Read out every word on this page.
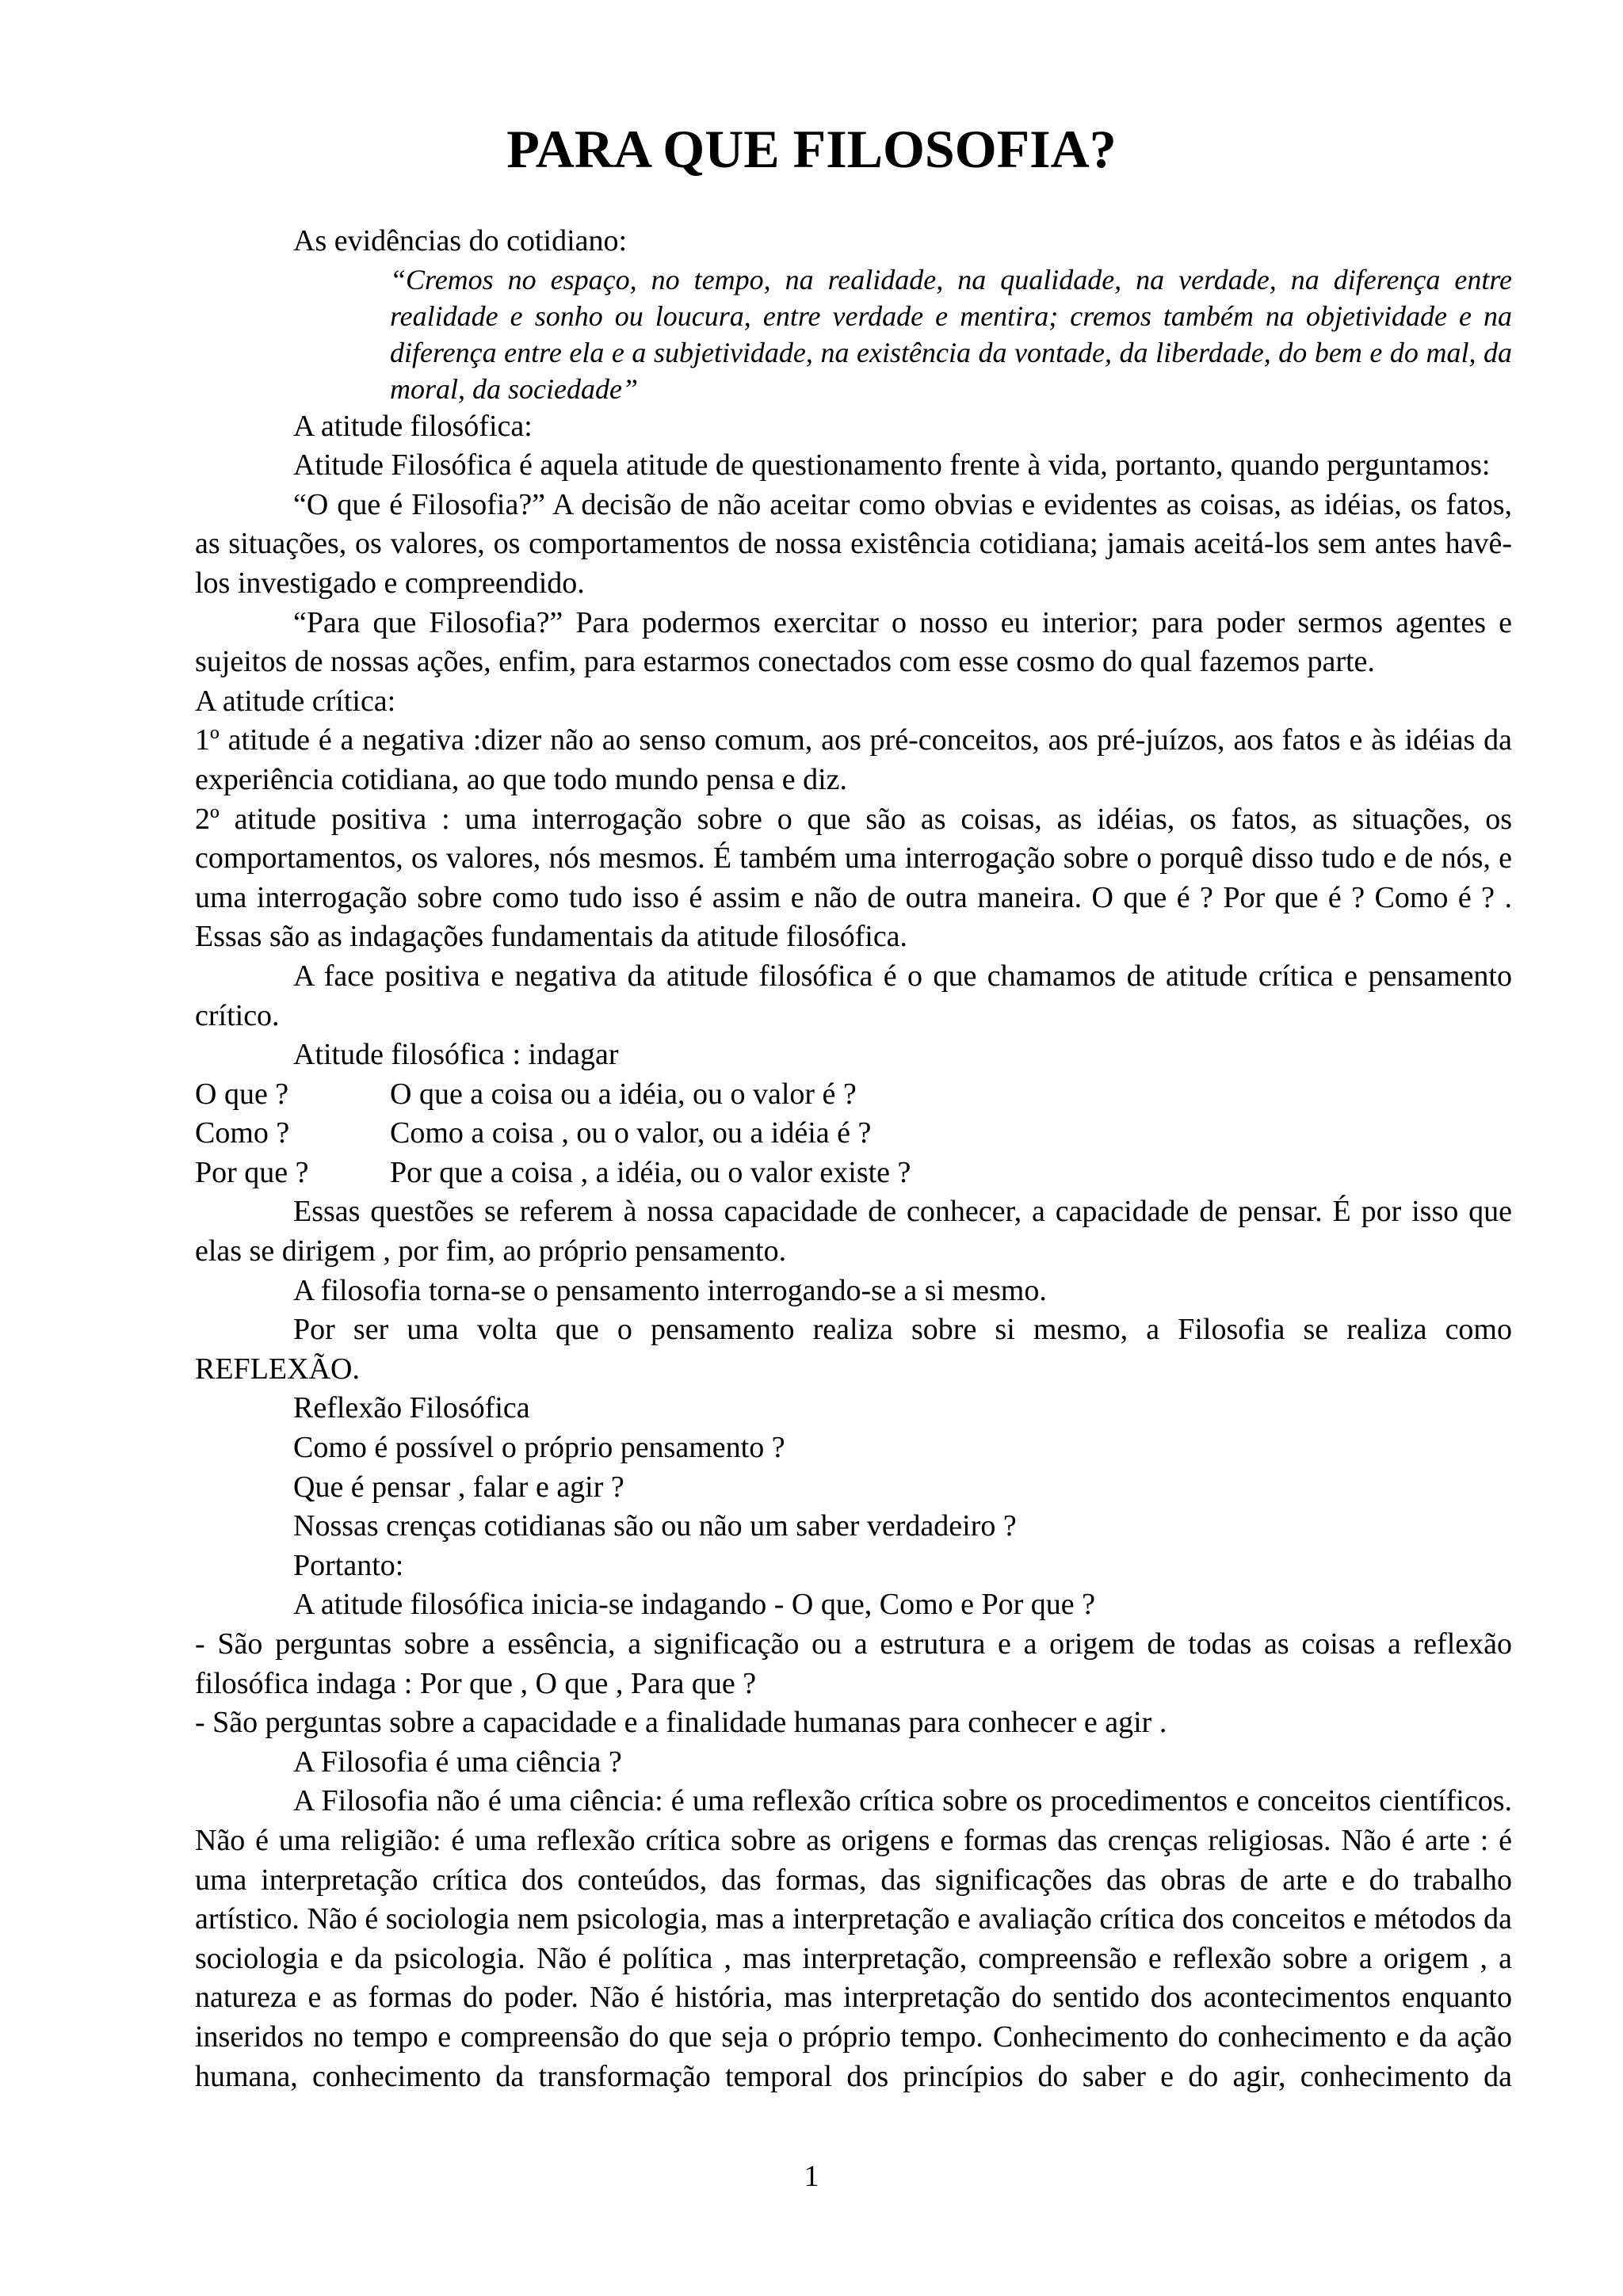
PARA QUE FILOSOFIA?

As evidências do cotidiano:

“Cremos no espaço, no tempo, na realidade, na qualidade, na verdade, na diferença entre realidade e sonho ou loucura, entre verdade e mentira; cremos também na objetividade e na diferença entre ela e a subjetividade, na existência da vontade, da liberdade, do bem e do mal, da moral, da sociedade”

A atitude filosófica:

Atitude Filosófica é aquela atitude de questionamento frente à vida, portanto, quando perguntamos:

“O que é Filosofia?” A decisão de não aceitar como obvias e evidentes as coisas, as idéias, os fatos, as situações, os valores, os comportamentos de nossa existência cotidiana; jamais aceitá-los sem antes havê-los investigado e compreendido.

“Para que Filosofia?” Para podermos exercitar o nosso eu interior; para poder sermos agentes e sujeitos de nossas ações, enfim, para estarmos conectados com esse cosmo do qual fazemos parte.

A atitude crítica:

1º atitude é a negativa :dizer não ao senso comum, aos pré-conceitos, aos pré-juízos, aos fatos e às idéias da experiência cotidiana, ao que todo mundo pensa e diz.

2º atitude positiva : uma interrogação sobre o que são as coisas, as idéias, os fatos, as situações, os comportamentos, os valores, nós mesmos. É também uma interrogação sobre o porquê disso tudo e de nós, e uma interrogação sobre como tudo isso é assim e não de outra maneira. O que é ? Por que é ? Como é ? . Essas são as indagações fundamentais da atitude filosófica.

A face positiva e negativa da atitude filosófica é o que chamamos de atitude crítica e pensamento crítico.

Atitude filosófica : indagar

O que ?	O que a coisa ou a idéia, ou o valor é ?
Como ?	Como a coisa , ou o valor, ou a idéia é ?
Por que ?	Por que a coisa , a idéia, ou o valor existe ?

Essas questões se referem à nossa capacidade de conhecer, a capacidade de pensar. É por isso que elas se dirigem , por fim, ao próprio pensamento.

A filosofia torna-se o pensamento interrogando-se a si mesmo.

Por ser uma volta que o pensamento realiza sobre si mesmo, a Filosofia se realiza como REFLEXÃO.

Reflexão Filosófica

Como é possível o próprio pensamento ?

Que é pensar , falar e agir ?

Nossas crenças cotidianas são ou não um saber verdadeiro ?

Portanto:

A atitude filosófica inicia-se indagando - O que, Como e Por que ?

- São perguntas sobre a essência, a significação ou a estrutura e a origem de todas as coisas a reflexão filosófica indaga : Por que , O que , Para que ?

- São perguntas sobre a capacidade e a finalidade humanas para conhecer e agir .

A Filosofia é uma ciência ?

A Filosofia não é uma ciência: é uma reflexão crítica sobre os procedimentos e conceitos científicos. Não é uma religião: é uma reflexão crítica sobre as origens e formas das crenças religiosas. Não é arte : é uma interpretação crítica dos conteúdos, das formas, das significações das obras de arte e do trabalho artístico. Não é sociologia nem psicologia, mas a interpretação e avaliação crítica dos conceitos e métodos da sociologia e da psicologia. Não é política , mas interpretação, compreensão e reflexão sobre a origem , a natureza e as formas do poder. Não é história, mas interpretação do sentido dos acontecimentos enquanto inseridos no tempo e compreensão do que seja o próprio tempo. Conhecimento do conhecimento e da ação humana, conhecimento da transformação temporal dos princípios do saber e do agir, conhecimento da

1
